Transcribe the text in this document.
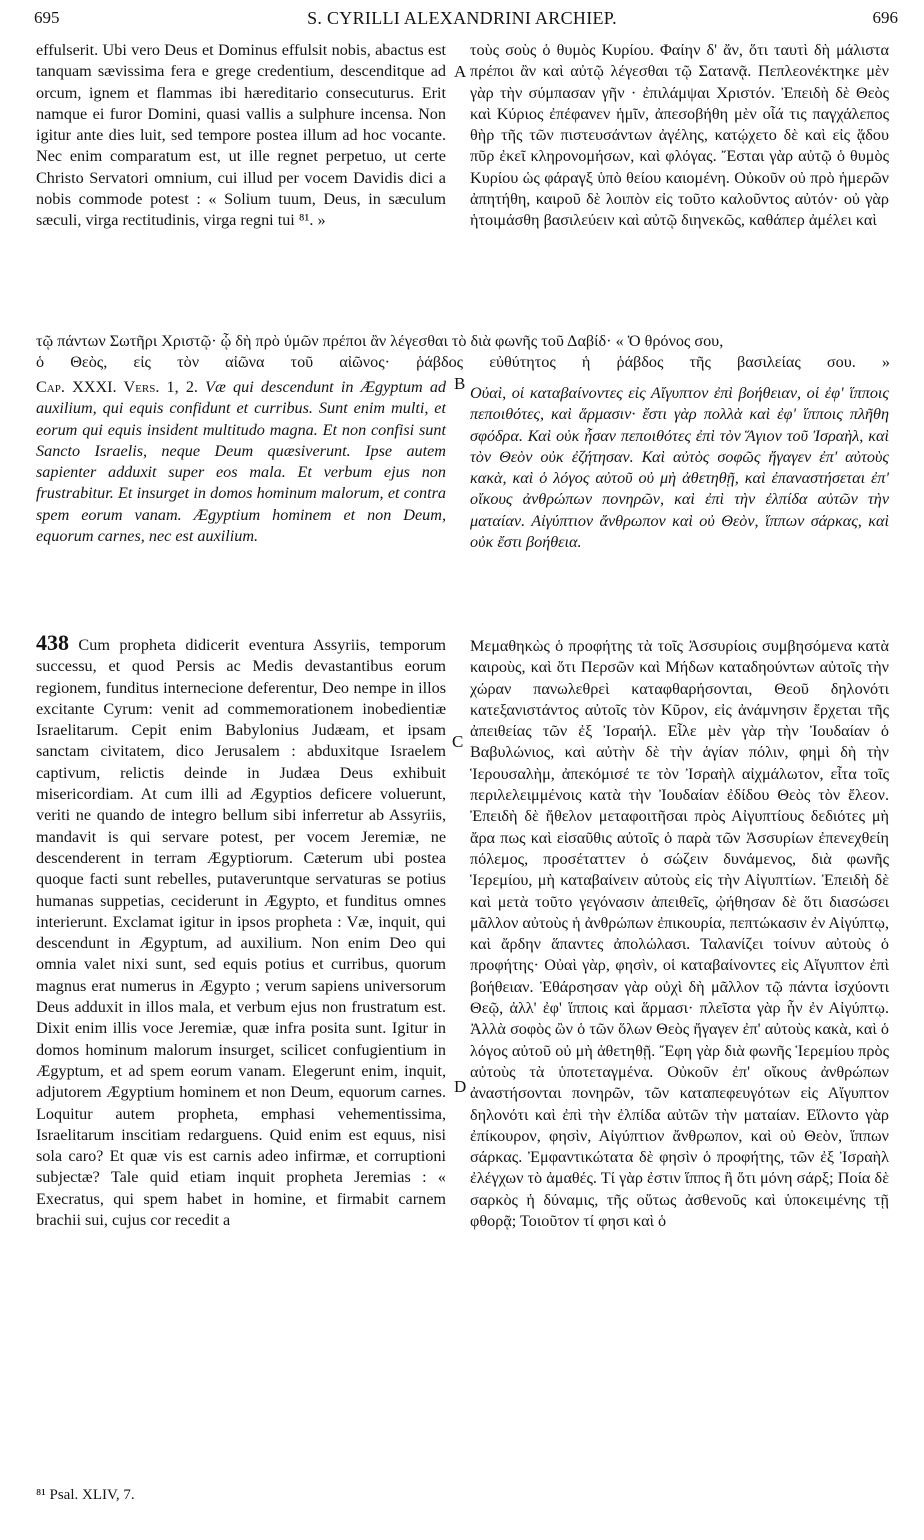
695	S. CYRILLI ALEXANDRINI ARCHIEP.	696

effulserit. Ubi vero Deus et Dominus effulsit nobis, abactus est tanquam sævissima fera e grege credentium, descenditque ad orcum, ignem et flammas ibi hæreditario consecuturus. Erit namque ei furor Domini, quasi vallis a sulphure incensa. Non igitur ante dies luit, sed tempore postea illum ad hoc vocante. Nec enim comparatum est, ut ille regnet perpetuo, ut certe Christo Servatori omnium, cui illud per vocem Davidis dici a nobis commode potest : « Solium tuum, Deus, in sæculum sæculi, virga rectitudinis, virga regni tui ⁸¹. »

τοὺς σοὺς ὁ θυμὸς Κυρίου. Φαίην δ' ἄν, ὅτι ταυτὶ δὴ μάλιστα πρέποι ἂν καὶ αὐτῷ λέγεσθαι τῷ Σατανᾷ. Πεπλεονέκτηκε μὲν γὰρ τὴν σύμπασαν γῆν · ἐπιλάμψαι Χριστόν. Ἐπειδὴ δὲ Θεὸς καὶ Κύριος ἐπέφανεν ἡμῖν, ἀπεσοβήθη μὲν οἷά τις παγχάλεπος θὴρ τῆς τῶν πιστευσάντων ἀγέλης, κατῴχετο δὲ καὶ εἰς ᾅδου πῦρ ἐκεῖ κληρονομήσων, καὶ φλόγας. Ἔσται γὰρ αὐτῷ ὁ θυμὸς Κυρίου ὡς φάραγξ ὑπὸ θείου καιομένη. Οὐκοῦν οὐ πρὸ ἡμερῶν ἀπητήθη, καιροῦ δὲ λοιπὸν εἰς τοῦτο καλοῦντος αὐτόν· οὐ γὰρ ἡτοιμάσθη βασιλεύειν καὶ αὐτῷ διηνεκῶς, καθάπερ ἀμέλει καὶ

A
τῷ πάντων Σωτῆρι Χριστῷ· ᾧ δὴ πρὸ ὑμῶν πρέποι ἂν λέγεσθαι τὸ διὰ φωνῆς τοῦ Δαβίδ· « Ὁ θρόνος σου,
ὁ Θεὸς, εἰς τὸν αἰῶνα τοῦ αἰῶνος· ῥάβδος εὐθύτητος ἡ ῥάβδος τῆς βασιλείας σου. »

Cap. XXXI. Vers. 1, 2. Væ qui descendunt in Ægyptum ad auxilium, qui equis confidunt et curribus. Sunt enim multi, et eorum qui equis insident multitudo magna. Et non confisi sunt Sancto Israelis, neque Deum quæsiverunt. Ipse autem sapienter adduxit super eos mala. Et verbum ejus non frustrabitur. Et insurget in domos hominum malorum, et contra spem eorum vanam. Ægyptium hominem et non Deum, equorum carnes, nec est auxilium.

B Οὐαὶ, οἱ καταβαίνοντες εἰς Αἴγυπτον ἐπὶ βοήθειαν, οἱ ἐφ' ἵπποις πεποιθότες, καὶ ἅρμασιν· ἔστι γὰρ πολλὰ καὶ ἐφ' ἵπποις πλῆθη σφόδρα. Καὶ οὐκ ἦσαν πεποιθότες ἐπὶ τὸν Ἅγιον τοῦ Ἰσραὴλ, καὶ τὸν Θεὸν οὐκ ἐζήτησαν. Καὶ αὐτὸς σοφῶς ἤγαγεν ἐπ' αὐτοὺς κακὰ, καὶ ὁ λόγος αὐτοῦ οὐ μὴ ἀθετηθῇ, καὶ ἐπαναστήσεται ἐπ' οἴκους ἀνθρώπων πονηρῶν, καὶ ἐπὶ τὴν ἐλπίδα αὐτῶν τὴν ματαίαν. Αἰγύπτιον ἄνθρωπον καὶ οὐ Θεὸν, ἵππων σάρκας, καὶ οὐκ ἔστι βοήθεια.

438 Cum propheta didicerit eventura Assyriis, temporum successu, et quod Persis ac Medis devastantibus eorum regionem, funditus internecione deferentur, Deo nempe in illos excitante Cyrum: venit ad commemorationem inobedientiæ Israelitarum. Cepit enim Babylonius Judæam, et ipsam sanctam civitatem, dico Jerusalem : abduxitque Israelem captivum, relictis deinde in Judæa Deus exhibuit misericordiam. At cum illi ad Ægyptios deficere voluerunt, veriti ne quando de integro bellum sibi inferretur ab Assyriis, mandavit is qui servare potest, per vocem Jeremiæ, ne descenderent in terram Ægyptiorum. Cæterum ubi postea quoque facti sunt rebelles, putaveruntque servaturas se potius humanas suppetias, ceciderunt in Ægypto, et funditus omnes interierunt. Exclamat igitur in ipsos propheta : Væ, inquit, qui descendunt in Ægyptum, ad auxilium. Non enim Deo qui omnia valet nixi sunt, sed equis potius et curribus, quorum magnus erat numerus in Ægypto ; verum sapiens universorum Deus adduxit in illos mala, et verbum ejus non frustratum est. Dixit enim illis voce Jeremiæ, quæ infra posita sunt. Igitur in domos hominum malorum insurget, scilicet confugientium in Ægyptum, et ad spem eorum vanam. Elegerunt enim, inquit, adjutorem Ægyptium hominem et non Deum, equorum carnes. Loquitur autem propheta, emphasi vehementissima, Israelitarum inscitiam redarguens. Quid enim est equus, nisi sola caro? Et quæ vis est carnis adeo infirmæ, et corruptioni subjectæ? Tale quid etiam inquit propheta Jeremias : « Execratus, qui spem habet in homine, et firmabit carnem brachii sui, cujus cor recedit a

C
D

Μεμαθηκὼς ὁ προφήτης τὰ τοῖς Ἀσσυρίοις συμβησόμενα κατὰ καιροὺς, καὶ ὅτι Περσῶν καὶ Μήδων καταδηούντων αὐτοῖς τὴν χώραν πανωλεθρεὶ καταφθαρήσονται, Θεοῦ δηλονότι κατεξανιστάντος αὐτοῖς τὸν Κῦρον, εἰς ἀνάμνησιν ἔρχεται τῆς ἀπειθείας τῶν ἐξ Ἰσραήλ. Εἷλε μὲν γὰρ τὴν Ἰουδαίαν ὁ Βαβυλώνιος, καὶ αὐτὴν δὲ τὴν ἁγίαν πόλιν, φημὶ δὴ τὴν Ἱερουσαλὴμ, ἀπεκόμισέ τε τὸν Ἰσραὴλ αἰχμάλωτον, εἶτα τοῖς περιλελειμμένοις κατὰ τὴν Ἰουδαίαν ἐδίδου Θεὸς τὸν ἔλεον. Ἐπειδὴ δὲ ἤθελον μεταφοιτῆσαι πρὸς Αἰγυπτίους δεδιότες μὴ ἄρα πως καὶ εἰσαῦθις αὐτοῖς ὁ παρὰ τῶν Ἀσσυρίων ἐπενεχθείη πόλεμος, προσέταττεν ὁ σώζειν δυνάμενος, διὰ φωνῆς Ἱερεμίου, μὴ καταβαίνειν αὐτοὺς εἰς τὴν Αἰγυπτίων. Ἐπειδὴ δὲ καὶ μετὰ τοῦτο γεγόνασιν ἀπειθεῖς, ᾠήθησαν δὲ ὅτι διασώσει μᾶλλον αὐτοὺς ἡ ἀνθρώπων ἐπικουρία, πεπτώκασιν ἐν Αἰγύπτῳ, καὶ ἄρδην ἅπαντες ἀπολώλασι. Ταλανίζει τοίνυν αὐτοὺς ὁ προφήτης· Οὐαὶ γὰρ, φησὶν, οἱ καταβαίνοντες εἰς Αἴγυπτον ἐπὶ βοήθειαν. Ἐθάρσησαν γὰρ οὐχὶ δὴ μᾶλλον τῷ πάντα ἰσχύοντι Θεῷ, ἀλλ' ἐφ' ἵπποις καὶ ἅρμασι· πλεῖστα γὰρ ἦν ἐν Αἰγύπτῳ. Ἀλλὰ σοφὸς ὢν ὁ τῶν ὅλων Θεὸς ἤγαγεν ἐπ' αὐτοὺς κακὰ, καὶ ὁ λόγος αὐτοῦ οὐ μὴ ἀθετηθῇ. Ἔφη γὰρ διὰ φωνῆς Ἱερεμίου πρὸς αὐτοὺς τὰ ὑποτεταγμένα. Οὐκοῦν ἐπ' οἴκους ἀνθρώπων ἀναστήσονται πονηρῶν, τῶν καταπεφευγότων εἰς Αἴγυπτον δηλονότι καὶ ἐπὶ τὴν ἐλπίδα αὐτῶν τὴν ματαίαν. Εἵλοντο γὰρ ἐπίκουρον, φησὶν, Αἰγύπτιον ἄνθρωπον, καὶ οὐ Θεὸν, ἵππων σάρκας. Ἐμφαντικώτατα δὲ φησὶν ὁ προφήτης, τῶν ἐξ Ἰσραὴλ ἐλέγχων τὸ ἀμαθές. Τί γὰρ ἐστιν ἵππος ἢ ὅτι μόνη σάρξ; Ποία δὲ σαρκὸς ἡ δύναμις, τῆς οὕτως ἀσθενοῦς καὶ ὑποκειμένης τῇ φθορᾷ; Τοιοῦτον τί φησι καὶ ὁ

⁸¹ Psal. XLIV, 7.
